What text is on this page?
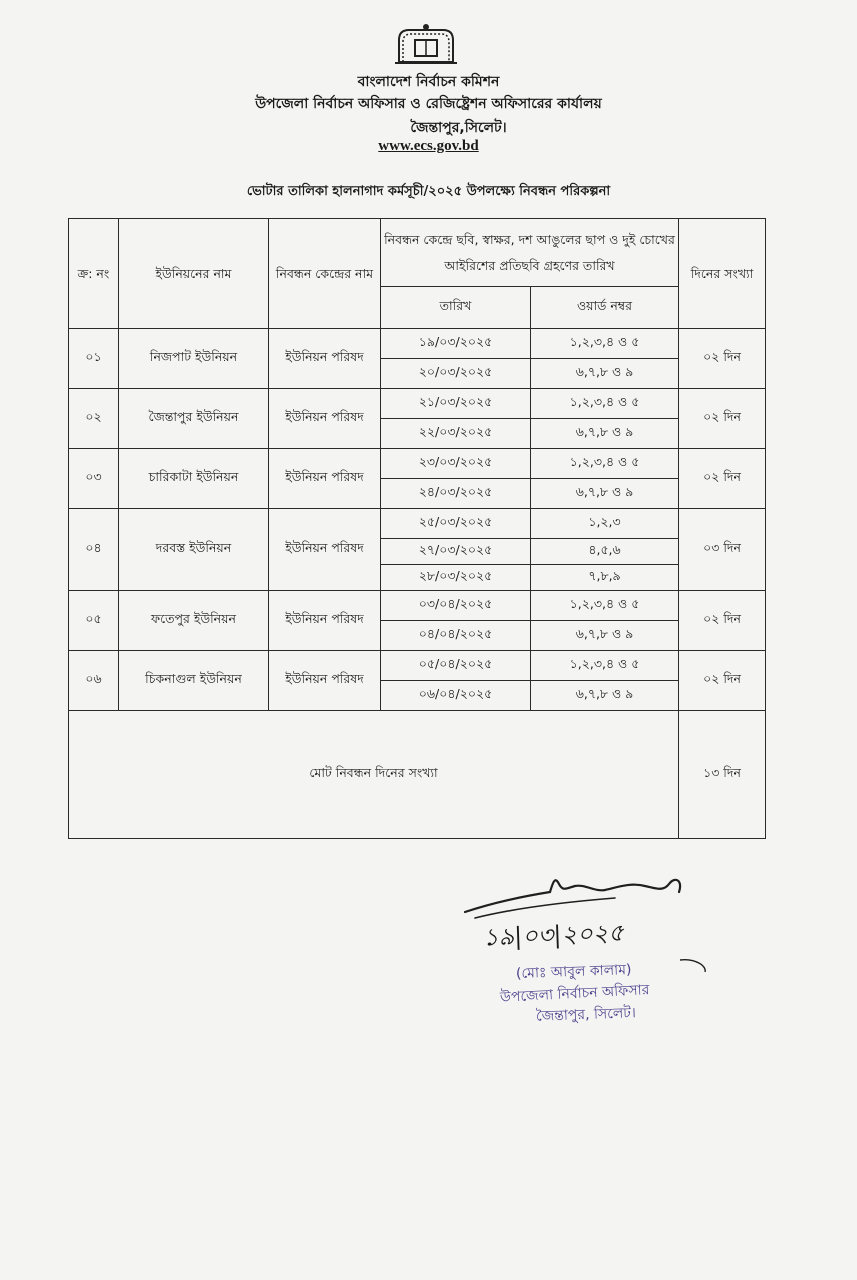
বাংলাদেশ নির্বাচন কমিশন
উপজেলা নির্বাচন অফিসার ও রেজিষ্ট্রেশন অফিসারের কার্যালয়
জৈন্তাপুর,সিলেট।
www.ecs.gov.bd
ভোটার তালিকা হালনাগাদ কর্মসূচী/২০২৫ উপলক্ষ্যে নিবন্ধন পরিকল্পনা
ক্র: নং	ইউনিয়নের নাম	নিবন্ধন কেন্দ্রের নাম	নিবন্ধন কেন্দ্রে ছবি, স্বাক্ষর, দশ আঙুলের ছাপ ও দুই চোখের আইরিশের প্রতিছবি গ্রহণের তারিখ		দিনের সংখ্যা
			তারিখ	ওয়ার্ড নম্বর	
০১	নিজপাট ইউনিয়ন	ইউনিয়ন পরিষদ	১৯/০৩/২০২৫	১,২,৩,৪ ও ৫	০২ দিন
			২০/০৩/২০২৫	৬,৭,৮ ও ৯	
০২	জৈন্তাপুর ইউনিয়ন	ইউনিয়ন পরিষদ	২১/০৩/২০২৫	১,২,৩,৪ ও ৫	০২ দিন
			২২/০৩/২০২৫	৬,৭,৮ ও ৯	
০৩	চারিকাটা ইউনিয়ন	ইউনিয়ন পরিষদ	২৩/০৩/২০২৫	১,২,৩,৪ ও ৫	০২ দিন
			২৪/০৩/২০২৫	৬,৭,৮ ও ৯	
০৪	দরবস্ত ইউনিয়ন	ইউনিয়ন পরিষদ	২৫/০৩/২০২৫	১,২,৩	০৩ দিন
			২৭/০৩/২০২৫	৪,৫,৬	
			২৮/০৩/২০২৫	৭,৮,৯	
০৫	ফতেপুর ইউনিয়ন	ইউনিয়ন পরিষদ	০৩/০৪/২০২৫	১,২,৩,৪ ও ৫	০২ দিন
			০৪/০৪/২০২৫	৬,৭,৮ ও ৯	
০৬	চিকনাগুল ইউনিয়ন	ইউনিয়ন পরিষদ	০৫/০৪/২০২৫	১,২,৩,৪ ও ৫	০২ দিন
			০৬/০৪/২০২৫	৬,৭,৮ ও ৯	
মোট নিবন্ধন দিনের সংখ্যা					১৩ দিন
১৯|০৩|২০২৫
(মোঃ আবুল কালাম)
উপজেলা নির্বাচন অফিসার
জৈন্তাপুর, সিলেট।
